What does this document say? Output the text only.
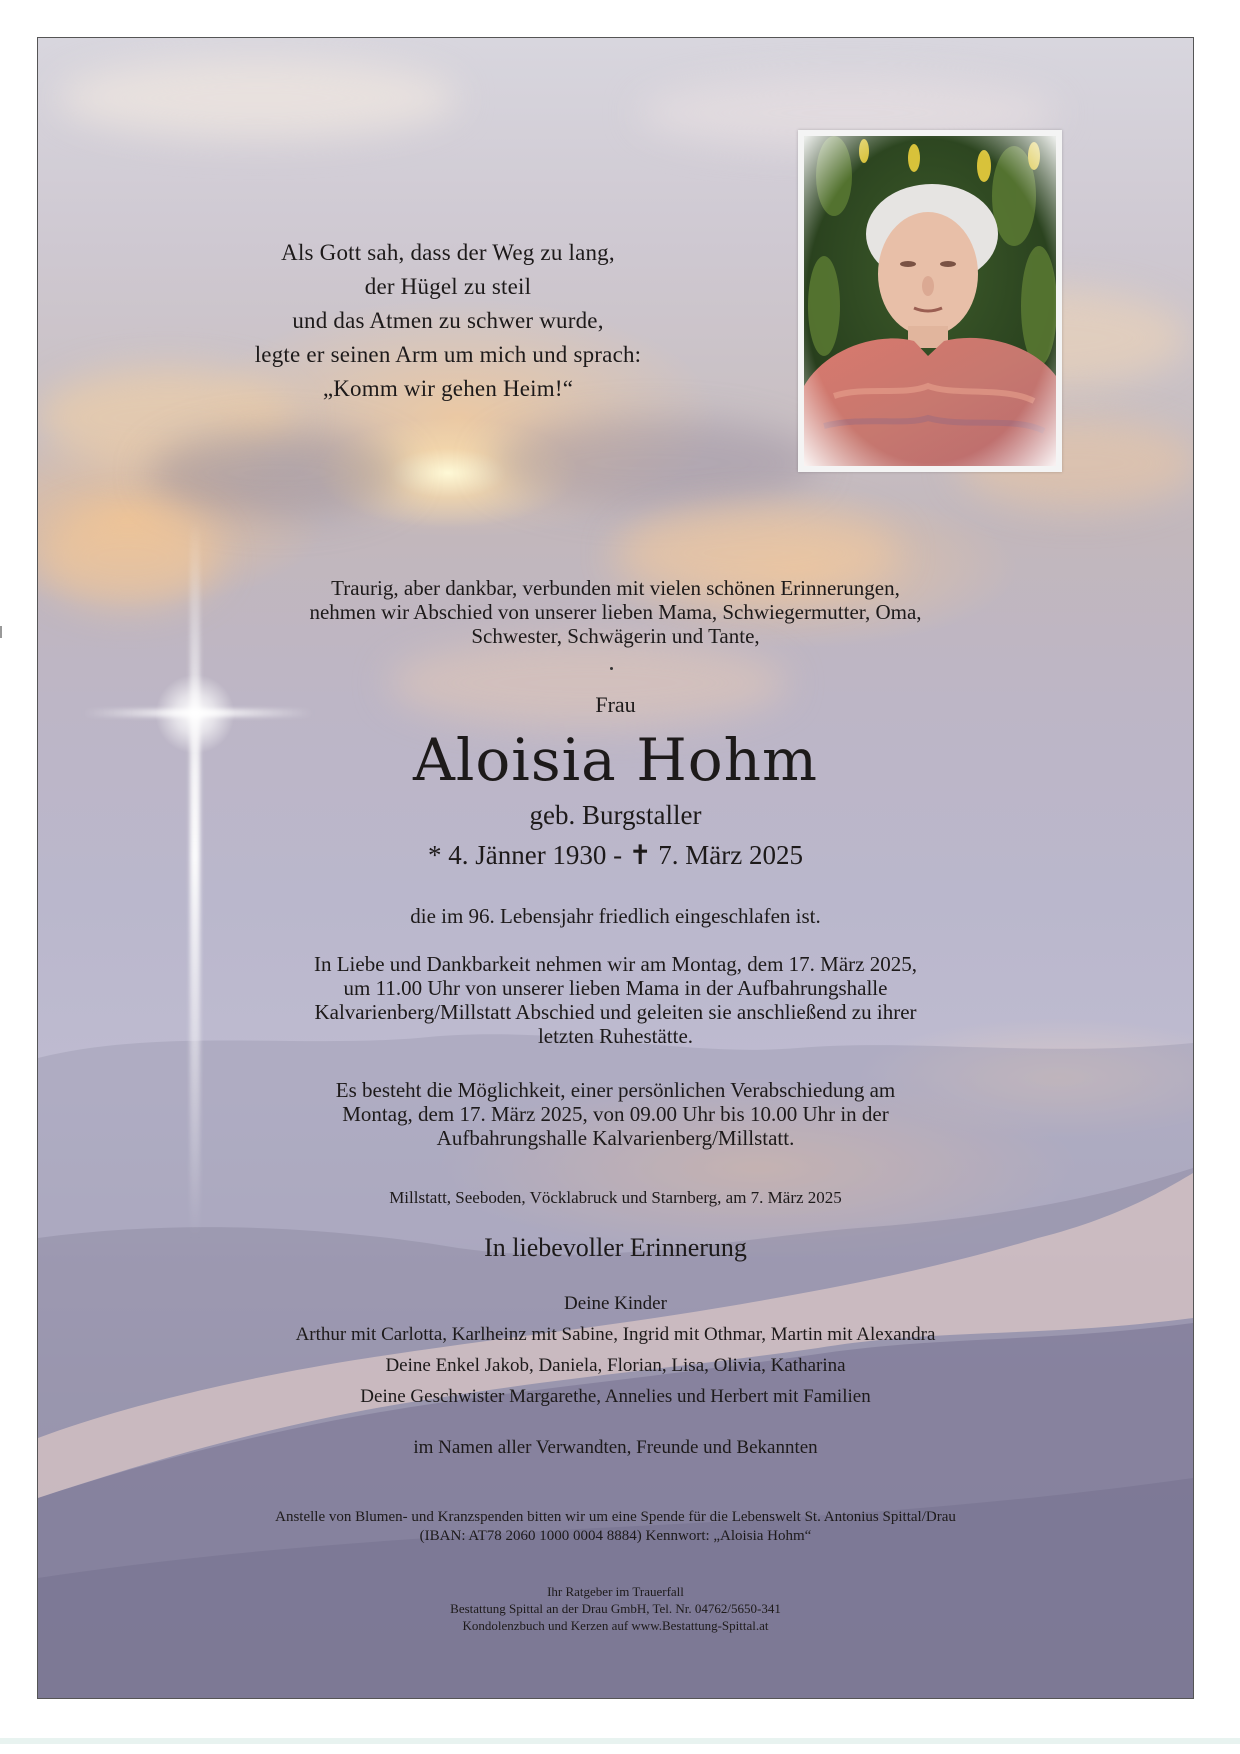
Als Gott sah, dass der Weg zu lang,
der Hügel zu steil
und das Atmen zu schwer wurde,
legte er seinen Arm um mich und sprach:
„Komm wir gehen Heim!“
Traurig, aber dankbar, verbunden mit vielen schönen Erinnerungen,
nehmen wir Abschied von unserer lieben Mama, Schwiegermutter, Oma,
Schwester, Schwägerin und Tante,
Frau
Aloisia Hohm
geb. Burgstaller
* 4. Jänner 1930 - ✝ 7. März 2025
die im 96. Lebensjahr friedlich eingeschlafen ist.
In Liebe und Dankbarkeit nehmen wir am Montag, dem 17. März 2025,
um 11.00 Uhr von unserer lieben Mama in der Aufbahrungshalle
Kalvarienberg/Millstatt Abschied und geleiten sie anschließend zu ihrer
letzten Ruhestätte.
Es besteht die Möglichkeit, einer persönlichen Verabschiedung am
Montag, dem 17. März 2025, von 09.00 Uhr bis 10.00 Uhr in der
Aufbahrungshalle Kalvarienberg/Millstatt.
Millstatt, Seeboden, Vöcklabruck und Starnberg, am 7. März 2025
In liebevoller Erinnerung
Deine Kinder
Arthur mit Carlotta, Karlheinz mit Sabine, Ingrid mit Othmar, Martin mit Alexandra
Deine Enkel Jakob, Daniela, Florian, Lisa, Olivia, Katharina
Deine Geschwister Margarethe, Annelies und Herbert mit Familien
im Namen aller Verwandten, Freunde und Bekannten
Anstelle von Blumen- und Kranzspenden bitten wir um eine Spende für die Lebenswelt St. Antonius Spittal/Drau
(IBAN: AT78 2060 1000 0004 8884) Kennwort: „Aloisia Hohm“
Ihr Ratgeber im Trauerfall
Bestattung Spittal an der Drau GmbH, Tel. Nr. 04762/5650-341
Kondolenzbuch und Kerzen auf www.Bestattung-Spittal.at
